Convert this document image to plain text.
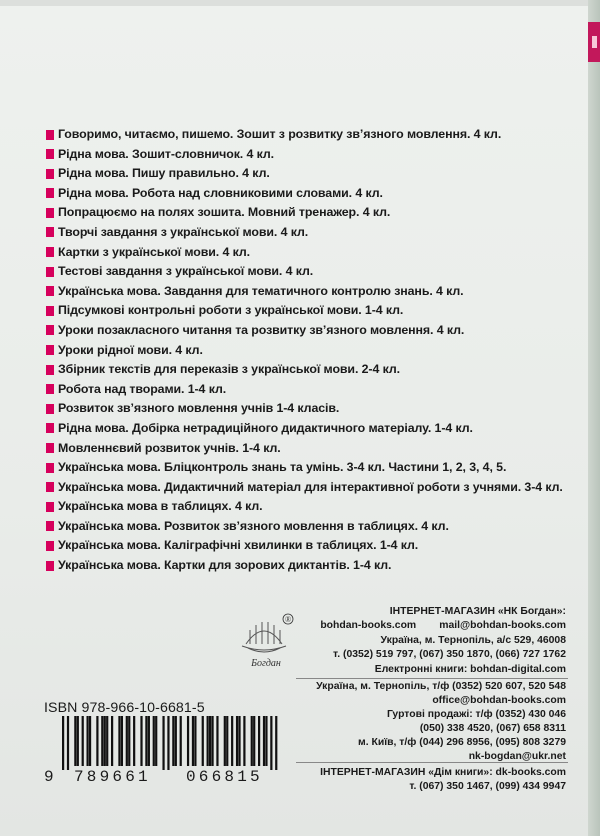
Говоримо, читаємо, пишемо. Зошит з розвитку зв’язного мовлення. 4 кл.
Рідна мова. Зошит-словничок. 4 кл.
Рідна мова. Пишу правильно. 4 кл.
Рідна мова. Робота над словниковими словами. 4 кл.
Попрацюємо на полях зошита. Мовний тренажер. 4 кл.
Творчі завдання з української мови. 4 кл.
Картки з української мови. 4 кл.
Тестові завдання з української мови. 4 кл.
Українська мова. Завдання для тематичного контролю знань. 4 кл.
Підсумкові контрольні роботи з української мови. 1-4 кл.
Уроки позакласного читання та розвитку зв’язного мовлення. 4 кл.
Уроки рідної мови. 4 кл.
Збірник текстів для переказів з української мови. 2-4 кл.
Робота над творами. 1-4 кл.
Розвиток зв’язного мовлення учнів 1-4 класів.
Рідна мова. Добірка нетрадиційного дидактичного матеріалу. 1-4 кл.
Мовленнєвий розвиток учнів. 1-4 кл.
Українська мова. Бліцконтроль знань та умінь. 3-4 кл. Частини 1, 2, 3, 4, 5.
Українська мова. Дидактичний матеріал для інтерактивної роботи з учнями. 3-4 кл.
Українська мова в таблицях. 4 кл.
Українська мова. Розвиток зв’язного мовлення в таблицях. 4 кл.
Українська мова. Каліграфічні хвилинки в таблицях. 1-4 кл.
Українська мова. Картки для зорових диктантів. 1-4 кл.
®
Богдан
ІНТЕРНЕТ-МАГАЗИН «НК Богдан»:
bohdan-books.com        mail@bohdan-books.com
Україна, м. Тернопіль, а/с 529, 46008
т. (0352) 519 797, (067) 350 1870, (066) 727 1762
Електронні книги: bohdan-digital.com
Україна, м. Тернопіль, т/ф (0352) 520 607, 520 548
office@bohdan-books.com
Гуртові продажі: т/ф (0352) 430 046
(050) 338 4520, (067) 658 8311
м. Київ, т/ф (044) 296 8956, (095) 808 3279
nk-bogdan@ukr.net
ІНТЕРНЕТ-МАГАЗИН «Дім книги»: dk-books.com
т. (067) 350 1467, (099) 434 9947
ISBN 978-966-10-6681-5
9 789661 066815
